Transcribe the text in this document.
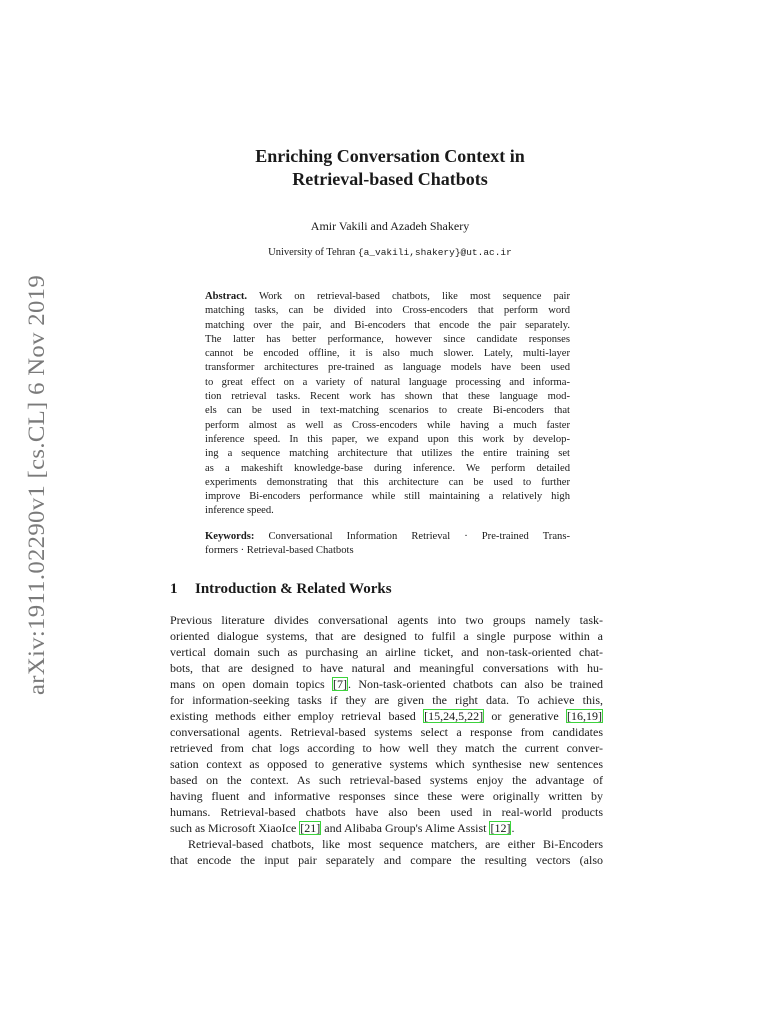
arXiv:1911.02290v1 [cs.CL] 6 Nov 2019
Enriching Conversation Context in
Retrieval-based Chatbots
Amir Vakili and Azadeh Shakery
University of Tehran {a_vakili,shakery}@ut.ac.ir
Abstract. Work on retrieval-based chatbots, like most sequence pair
matching tasks, can be divided into Cross-encoders that perform word
matching over the pair, and Bi-encoders that encode the pair separately.
The latter has better performance, however since candidate responses
cannot be encoded offline, it is also much slower. Lately, multi-layer
transformer architectures pre-trained as language models have been used
to great effect on a variety of natural language processing and informa-
tion retrieval tasks. Recent work has shown that these language mod-
els can be used in text-matching scenarios to create Bi-encoders that
perform almost as well as Cross-encoders while having a much faster
inference speed. In this paper, we expand upon this work by develop-
ing a sequence matching architecture that utilizes the entire training set
as a makeshift knowledge-base during inference. We perform detailed
experiments demonstrating that this architecture can be used to further
improve Bi-encoders performance while still maintaining a relatively high
inference speed.
Keywords: Conversational Information Retrieval · Pre-trained Trans-
formers · Retrieval-based Chatbots
1 Introduction & Related Works
Previous literature divides conversational agents into two groups namely task-
oriented dialogue systems, that are designed to fulfil a single purpose within a
vertical domain such as purchasing an airline ticket, and non-task-oriented chat-
bots, that are designed to have natural and meaningful conversations with hu-
mans on open domain topics [7]. Non-task-oriented chatbots can also be trained
for information-seeking tasks if they are given the right data. To achieve this,
existing methods either employ retrieval based [15,24,5,22] or generative [16,19]
conversational agents. Retrieval-based systems select a response from candidates
retrieved from chat logs according to how well they match the current conver-
sation context as opposed to generative systems which synthesise new sentences
based on the context. As such retrieval-based systems enjoy the advantage of
having fluent and informative responses since these were originally written by
humans. Retrieval-based chatbots have also been used in real-world products
such as Microsoft XiaoIce [21] and Alibaba Group's Alime Assist [12].
Retrieval-based chatbots, like most sequence matchers, are either Bi-Encoders
that encode the input pair separately and compare the resulting vectors (also
